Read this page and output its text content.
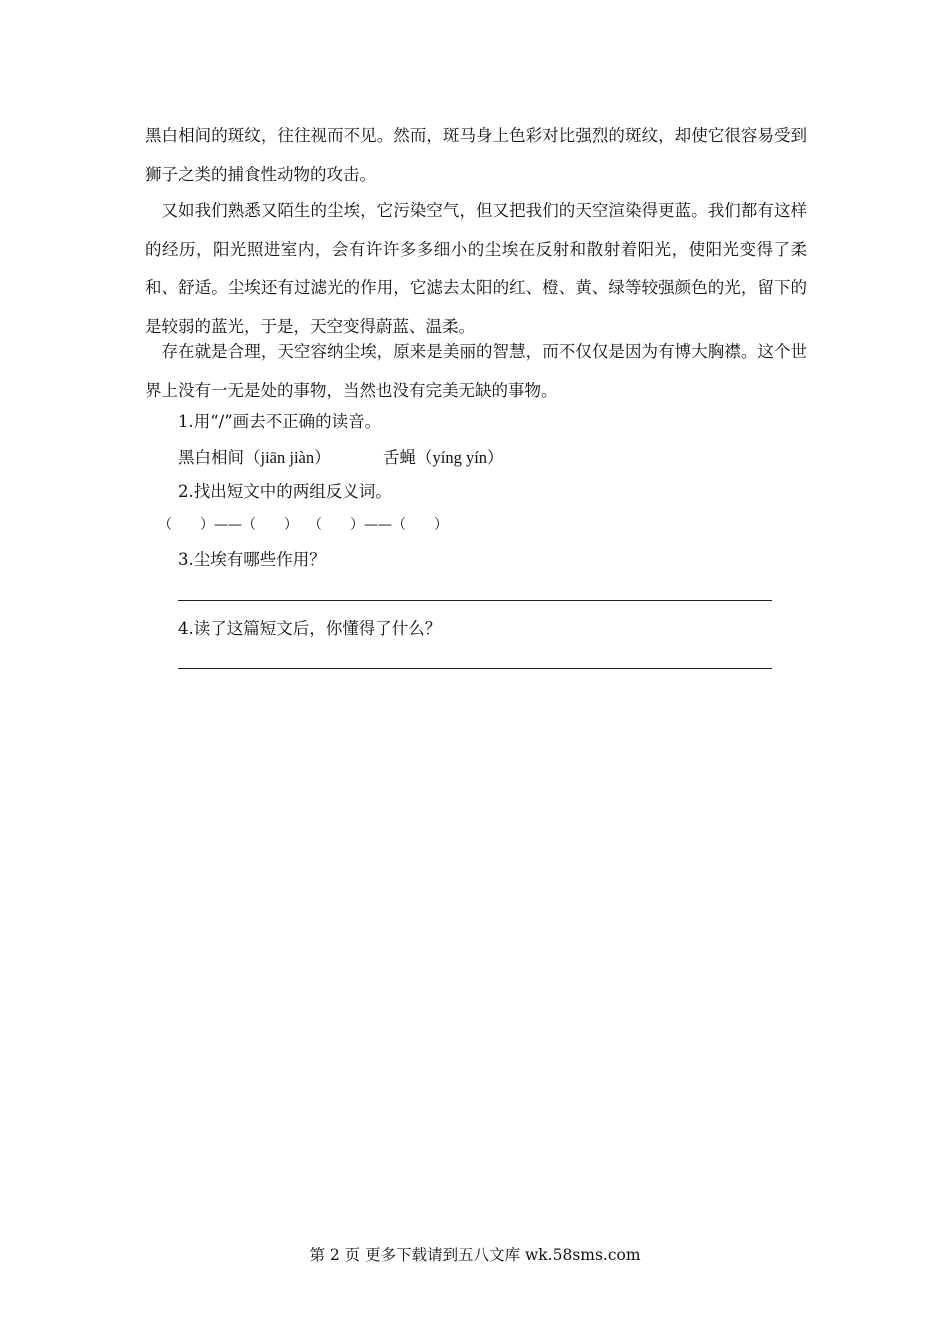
黑白相间的斑纹，往往视而不见。然而，斑马身上色彩对比强烈的斑纹，却使它很容易受到狮子之类的捕食性动物的攻击。

又如我们熟悉又陌生的尘埃，它污染空气，但又把我们的天空渲染得更蓝。我们都有这样的经历，阳光照进室内，会有许许多多细小的尘埃在反射和散射着阳光，使阳光变得了柔和、舒适。尘埃还有过滤光的作用，它滤去太阳的红、橙、黄、绿等较强颜色的光，留下的是较弱的蓝光，于是，天空变得蔚蓝、温柔。

存在就是合理，天空容纳尘埃，原来是美丽的智慧，而不仅仅是因为有博大胸襟。这个世界上没有一无是处的事物，当然也没有完美无缺的事物。

1.用“/”画去不正确的读音。
黑白相间（jiān jiàn）	舌蝇（yíng yín）
2.找出短文中的两组反义词。
（　　）——（　　） （　　）——（　　）
3.尘埃有哪些作用？
4.读了这篇短文后，你懂得了什么？
第 2 页 更多下载请到五八文库 wk.58sms.com
